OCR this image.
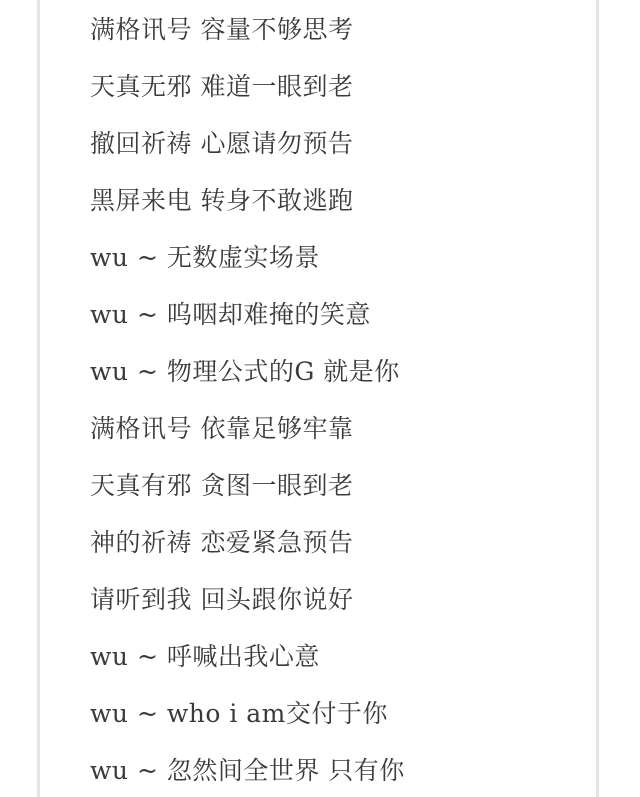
满格讯号 容量不够思考
天真无邪 难道一眼到老
撤回祈祷 心愿请勿预告
黑屏来电 转身不敢逃跑
wu ~ 无数虚实场景
wu ~ 呜咽却难掩的笑意
wu ~ 物理公式的G 就是你
满格讯号 依靠足够牢靠
天真有邪 贪图一眼到老
神的祈祷 恋爱紧急预告
请听到我 回头跟你说好
wu ~ 呼喊出我心意
wu ~ who i am交付于你
wu ~ 忽然间全世界 只有你
